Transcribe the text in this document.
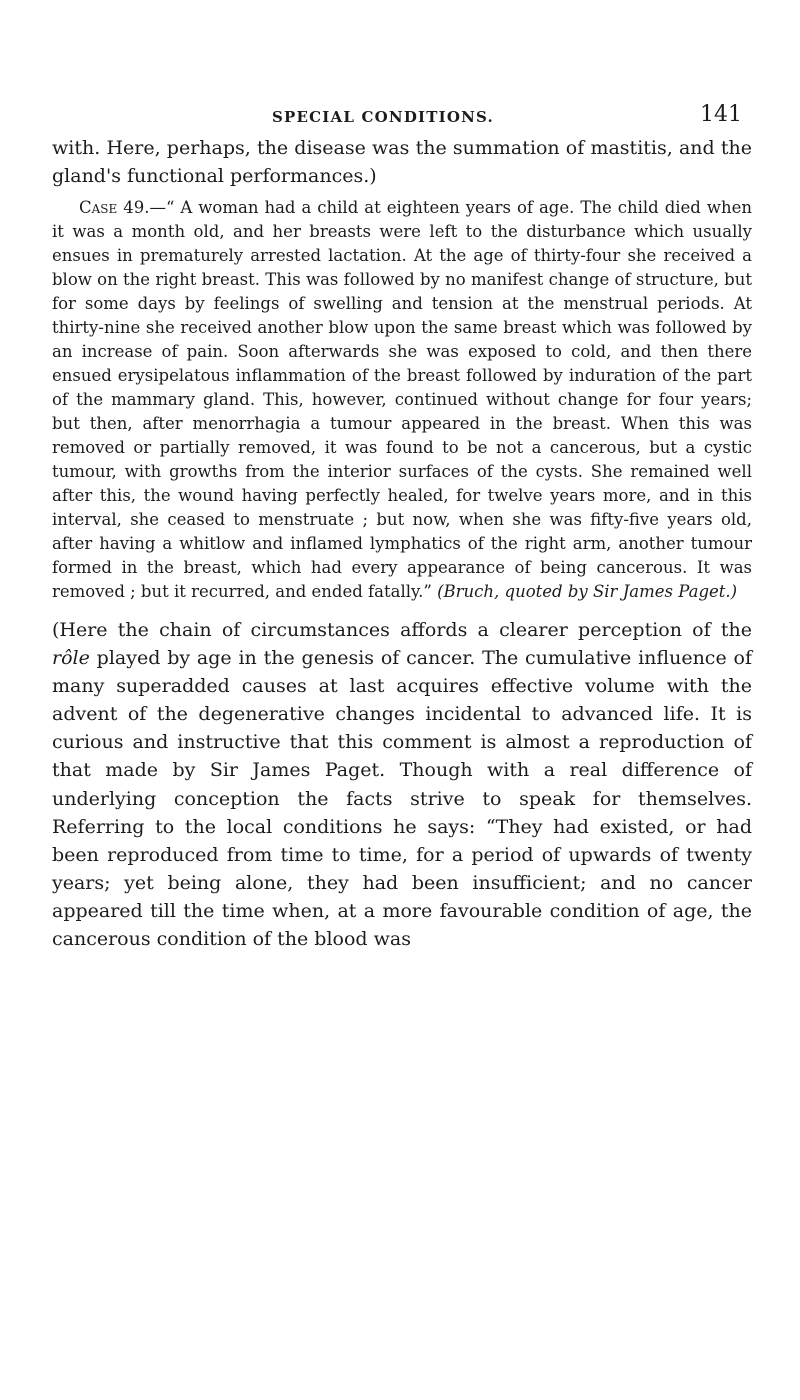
SPECIAL CONDITIONS.	141

with. Here, perhaps, the disease was the summation of mastitis, and the gland's functional performances.)

Case 49.—“ A woman had a child at eighteen years of age. The child died when it was a month old, and her breasts were left to the disturbance which usually ensues in prematurely arrested lactation. At the age of thirty-four she received a blow on the right breast. This was followed by no manifest change of structure, but for some days by feelings of swelling and tension at the menstrual periods. At thirty-nine she received another blow upon the same breast which was followed by an increase of pain. Soon afterwards she was exposed to cold, and then there ensued erysipelatous inflammation of the breast followed by induration of the part of the mammary gland. This, however, continued without change for four years; but then, after menorrhagia a tumour appeared in the breast. When this was removed or partially removed, it was found to be not a cancerous, but a cystic tumour, with growths from the interior surfaces of the cysts. She remained well after this, the wound having perfectly healed, for twelve years more, and in this interval, she ceased to menstruate ; but now, when she was fifty-five years old, after having a whitlow and inflamed lymphatics of the right arm, another tumour formed in the breast, which had every appearance of being cancerous. It was removed ; but it recurred, and ended fatally.” (Bruch, quoted by Sir James Paget.)

(Here the chain of circumstances affords a clearer perception of the rôle played by age in the genesis of cancer. The cumulative influence of many superadded causes at last acquires effective volume with the advent of the degenerative changes incidental to advanced life. It is curious and instructive that this comment is almost a reproduction of that made by Sir James Paget. Though with a real difference of underlying conception the facts strive to speak for themselves. Referring to the local conditions he says: “They had existed, or had been reproduced from time to time, for a period of upwards of twenty years; yet being alone, they had been insufficient; and no cancer appeared till the time when, at a more favourable condition of age, the cancerous condition of the blood was
